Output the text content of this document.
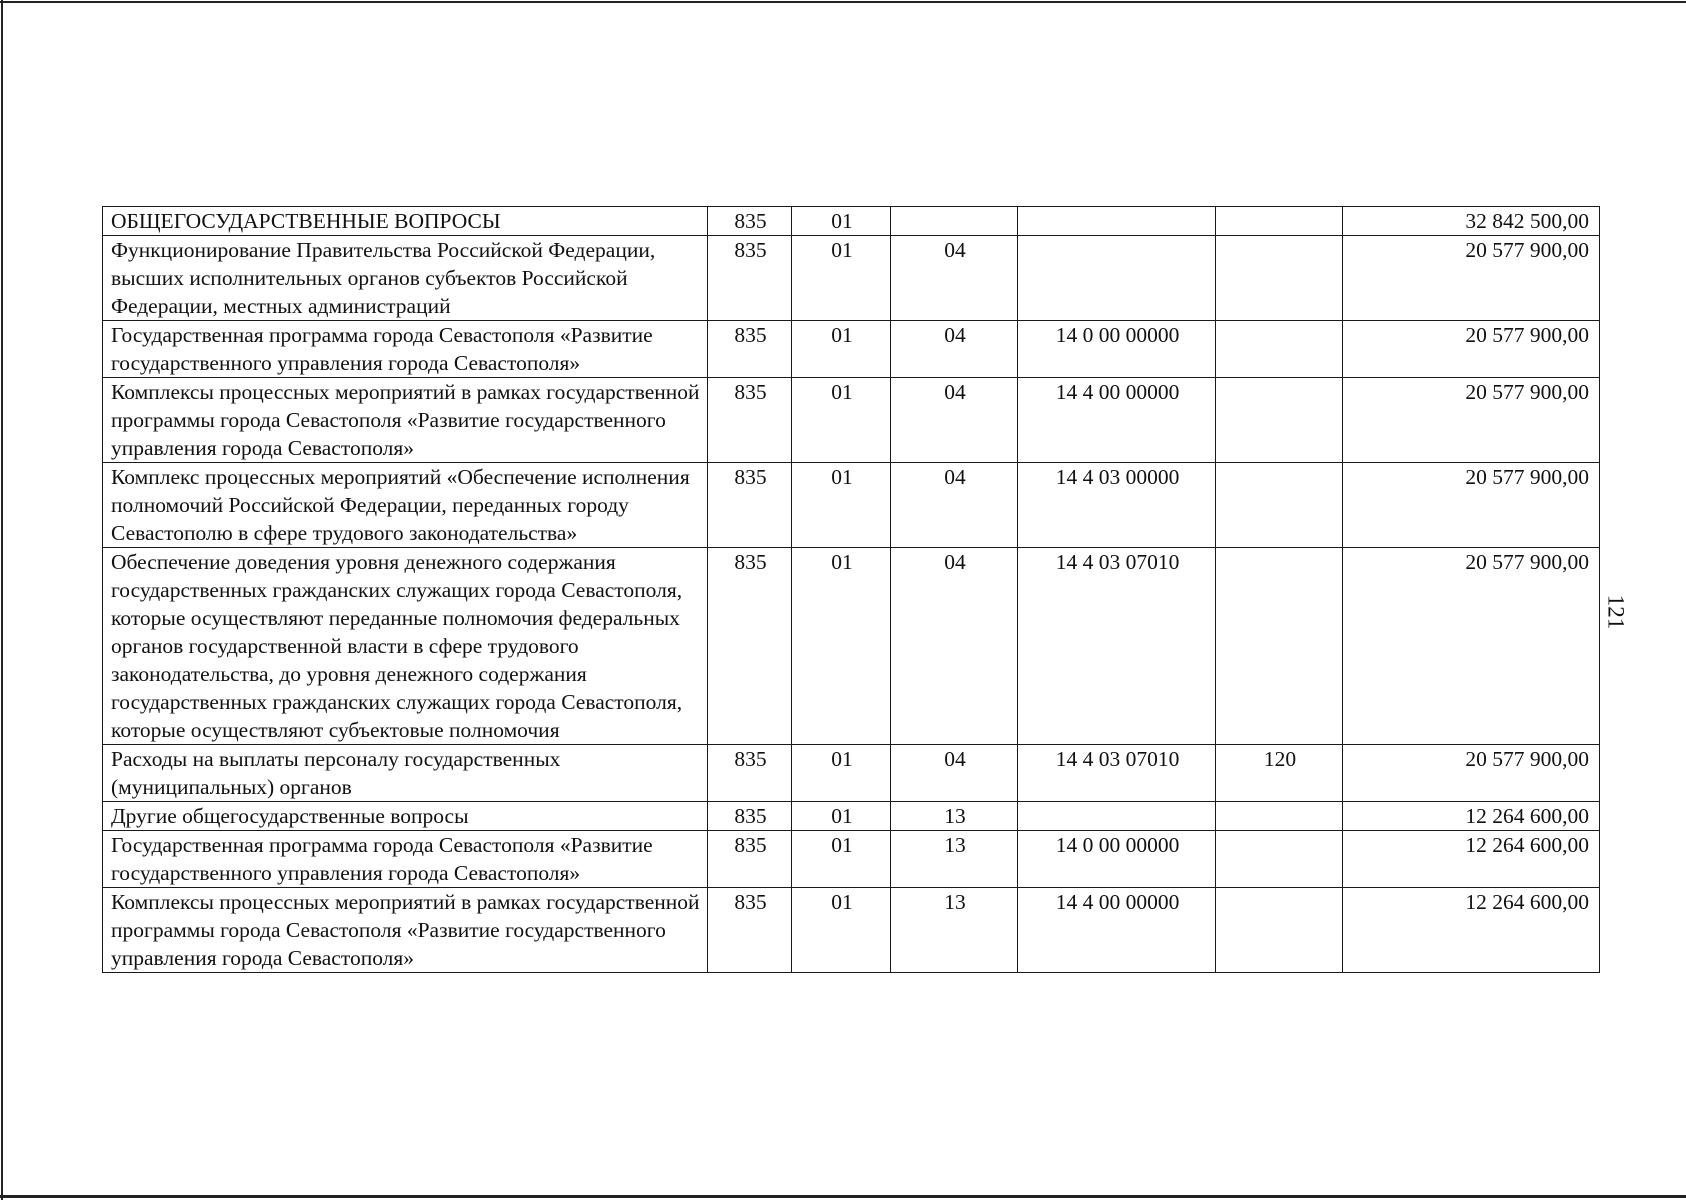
ОБЩЕГОСУДАРСТВЕННЫЕ ВОПРОСЫ	835	01				32 842 500,00
Функционирование Правительства Российской Федерации, высших исполнительных органов субъектов Российской Федерации, местных администраций	835	01	04			20 577 900,00
Государственная программа города Севастополя «Развитие государственного управления города Севастополя»	835	01	04	14 0 00 00000		20 577 900,00
Комплексы процессных мероприятий в рамках государственной программы города Севастополя «Развитие государственного управления города Севастополя»	835	01	04	14 4 00 00000		20 577 900,00
Комплекс процессных мероприятий «Обеспечение исполнения полномочий Российской Федерации, переданных городу Севастополю в сфере трудового законодательства»	835	01	04	14 4 03 00000		20 577 900,00
Обеспечение доведения уровня денежного содержания государственных гражданских служащих города Севастополя, которые осуществляют переданные полномочия федеральных органов государственной власти в сфере трудового законодательства, до уровня денежного содержания государственных гражданских служащих города Севастополя, которые осуществляют субъектовые полномочия	835	01	04	14 4 03 07010		20 577 900,00
Расходы на выплаты персоналу государственных (муниципальных) органов	835	01	04	14 4 03 07010	120	20 577 900,00
Другие общегосударственные вопросы	835	01	13			12 264 600,00
Государственная программа города Севастополя «Развитие государственного управления города Севастополя»	835	01	13	14 0 00 00000		12 264 600,00
Комплексы процессных мероприятий в рамках государственной программы города Севастополя «Развитие государственного управления города Севастополя»	835	01	13	14 4 00 00000		12 264 600,00
121
